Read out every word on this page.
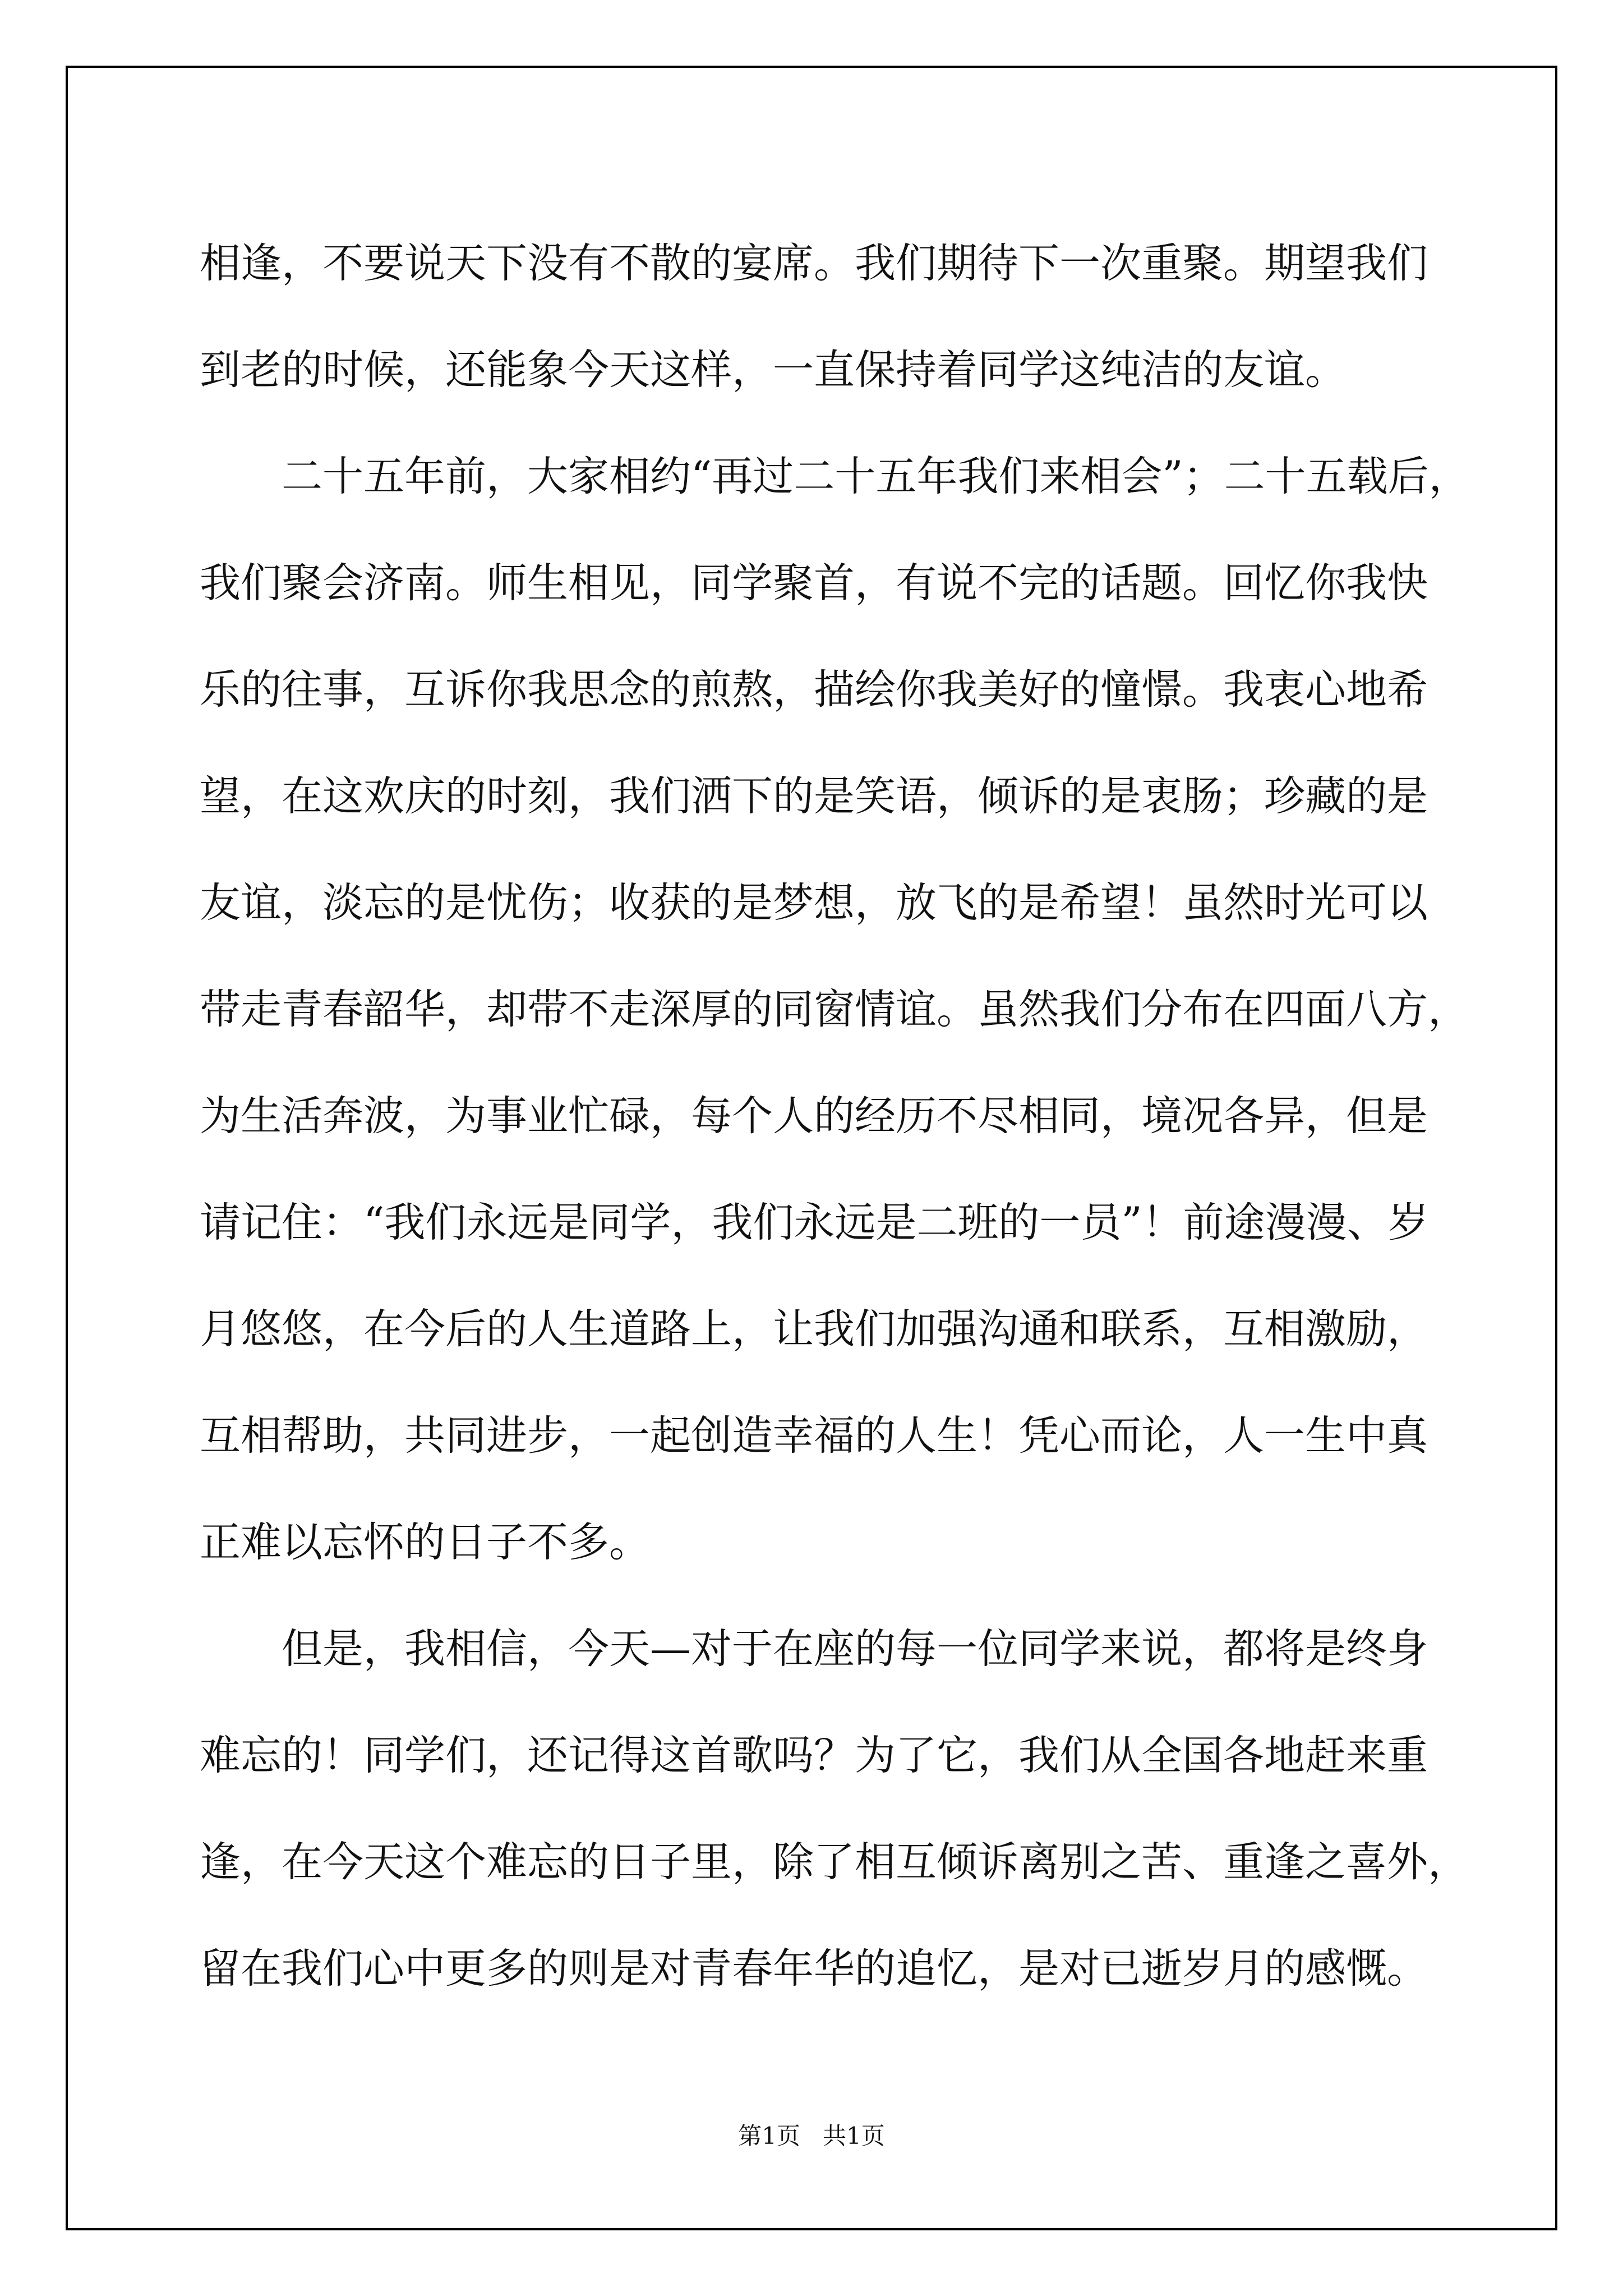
相逢，不要说天下没有不散的宴席。我们期待下一次重聚。期望我们
到老的时候，还能象今天这样，一直保持着同学这纯洁的友谊。
二十五年前，大家相约“再过二十五年我们来相会”；二十五载后，
我们聚会济南。师生相见，同学聚首，有说不完的话题。回忆你我快
乐的往事，互诉你我思念的煎熬，描绘你我美好的憧憬。我衷心地希
望，在这欢庆的时刻，我们洒下的是笑语，倾诉的是衷肠；珍藏的是
友谊，淡忘的是忧伤；收获的是梦想，放飞的是希望！虽然时光可以
带走青春韶华，却带不走深厚的同窗情谊。虽然我们分布在四面八方，
为生活奔波，为事业忙碌，每个人的经历不尽相同，境况各异，但是
请记住：“我们永远是同学，我们永远是二班的一员”！前途漫漫、岁
月悠悠，在今后的人生道路上，让我们加强沟通和联系，互相激励，
互相帮助，共同进步，一起创造幸福的人生！凭心而论，人一生中真
正难以忘怀的日子不多。
但是，我相信，今天—对于在座的每一位同学来说，都将是终身
难忘的！同学们，还记得这首歌吗？为了它，我们从全国各地赶来重
逢，在今天这个难忘的日子里，除了相互倾诉离别之苦、重逢之喜外，
留在我们心中更多的则是对青春年华的追忆，是对已逝岁月的感慨。
第1页   共1页
